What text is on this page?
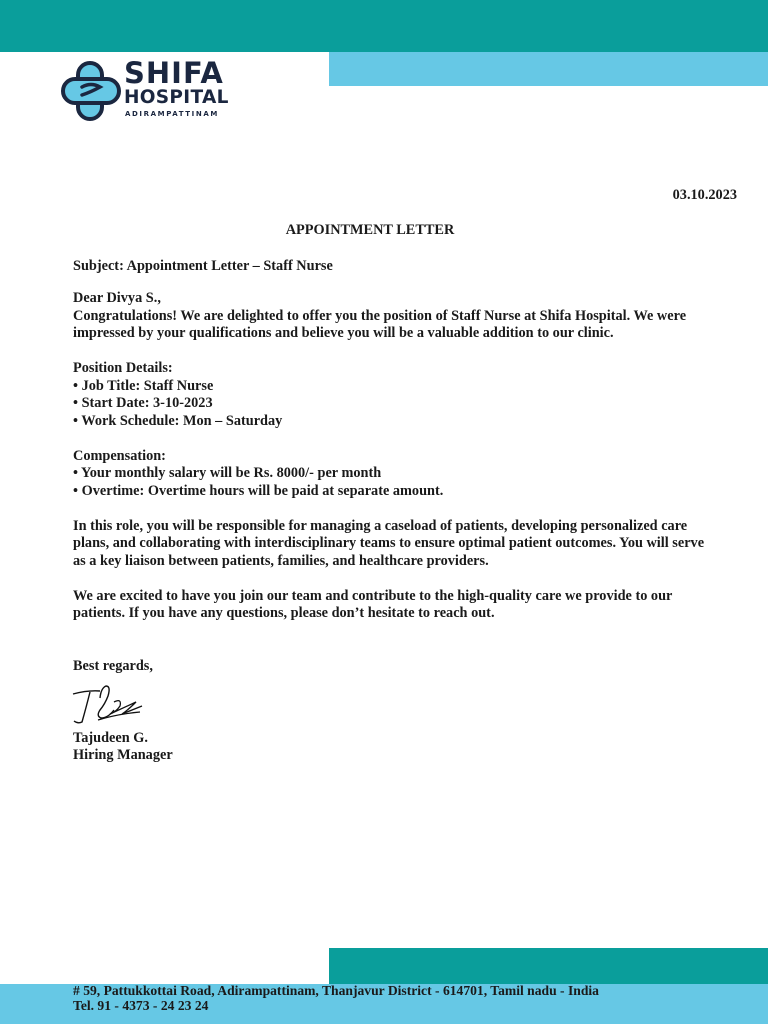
SHIFA
HOSPITAL
ADIRAMPATTINAM
03.10.2023
APPOINTMENT LETTER
Subject: Appointment Letter – Staff Nurse

Dear Divya S.,

Congratulations! We are delighted to offer you the position of Staff Nurse at Shifa Hospital. We were

impressed by your qualifications and believe you will be a valuable addition to our clinic.

Position Details:

• Job Title: Staff Nurse

• Start Date: 3-10-2023

• Work Schedule: Mon – Saturday

Compensation:

• Your monthly salary will be Rs. 8000/- per month

• Overtime: Overtime hours will be paid at separate amount.

In this role, you will be responsible for managing a caseload of patients, developing personalized care

plans, and collaborating with interdisciplinary teams to ensure optimal patient outcomes. You will serve

as a key liaison between patients, families, and healthcare providers.

We are excited to have you join our team and contribute to the high-quality care we provide to our

patients. If you have any questions, please don’t hesitate to reach out.

Best regards,

Tajudeen G.
Hiring Manager
# 59, Pattukkottai Road, Adirampattinam, Thanjavur District - 614701, Tamil nadu - India
Tel. 91 - 4373 - 24 23 24
